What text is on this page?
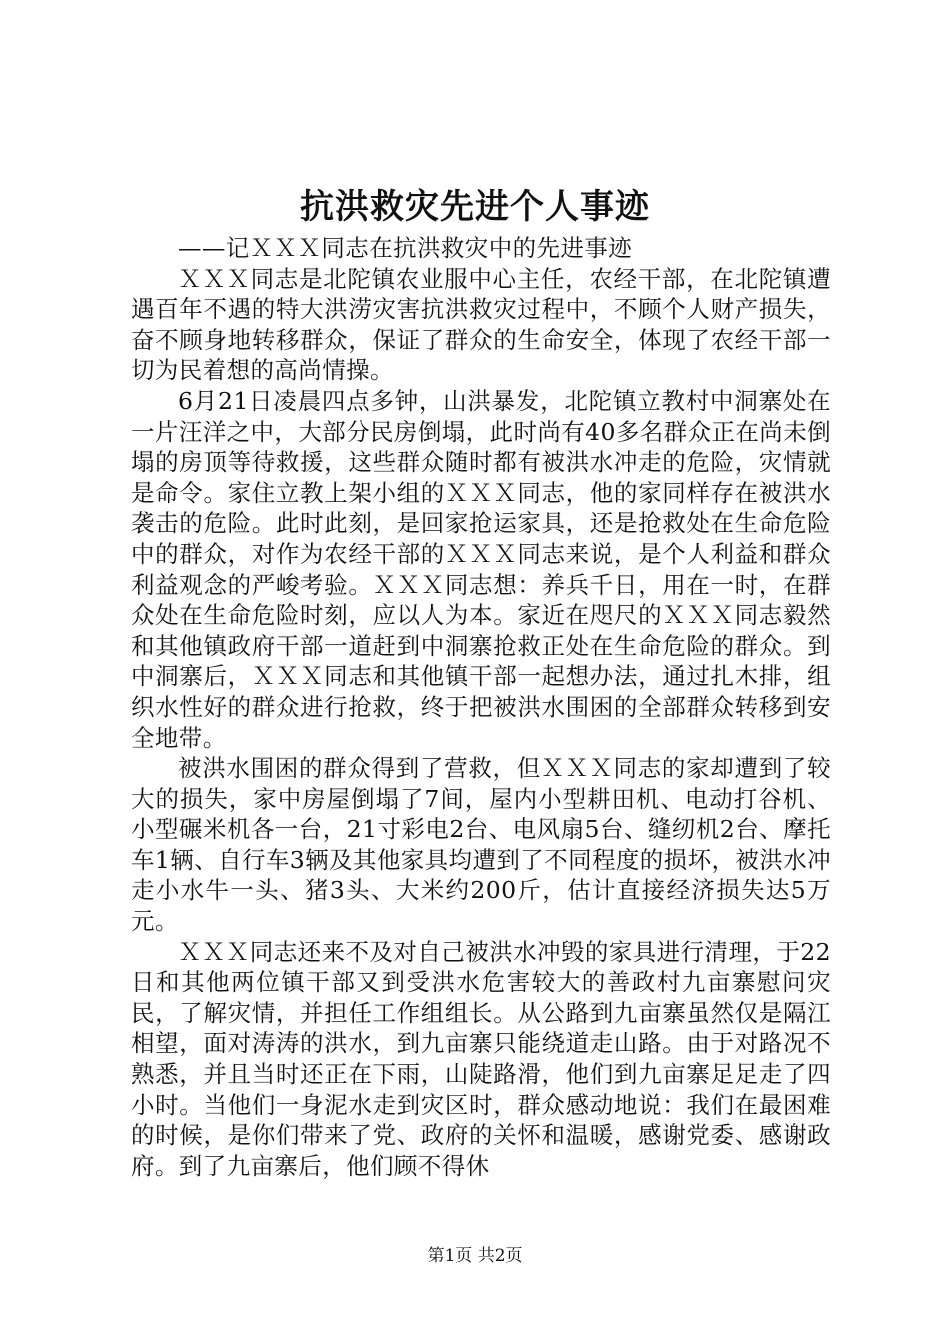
抗洪救灾先进个人事迹

——记ＸＸＸ同志在抗洪救灾中的先进事迹

ＸＸＸ同志是北陀镇农业服中心主任，农经干部，在北陀镇遭遇百年不遇的特大洪涝灾害抗洪救灾过程中，不顾个人财产损失，奋不顾身地转移群众，保证了群众的生命安全，体现了农经干部一切为民着想的高尚情操。

6月21日凌晨四点多钟，山洪暴发，北陀镇立教村中洞寨处在一片汪洋之中，大部分民房倒塌，此时尚有40多名群众正在尚未倒塌的房顶等待救援，这些群众随时都有被洪水冲走的危险，灾情就是命令。家住立教上架小组的ＸＸＸ同志，他的家同样存在被洪水袭击的危险。此时此刻，是回家抢运家具，还是抢救处在生命危险中的群众，对作为农经干部的ＸＸＸ同志来说，是个人利益和群众利益观念的严峻考验。ＸＸＸ同志想：养兵千日，用在一时，在群众处在生命危险时刻，应以人为本。家近在咫尺的ＸＸＸ同志毅然和其他镇政府干部一道赶到中洞寨抢救正处在生命危险的群众。到中洞寨后，ＸＸＸ同志和其他镇干部一起想办法，通过扎木排，组织水性好的群众进行抢救，终于把被洪水围困的全部群众转移到安全地带。

被洪水围困的群众得到了营救，但ＸＸＸ同志的家却遭到了较大的损失，家中房屋倒塌了7间，屋内小型耕田机、电动打谷机、小型碾米机各一台，21寸彩电2台、电风扇5台、缝纫机2台、摩托车1辆、自行车3辆及其他家具均遭到了不同程度的损坏，被洪水冲走小水牛一头、猪3头、大米约200斤，估计直接经济损失达5万元。

ＸＸＸ同志还来不及对自己被洪水冲毁的家具进行清理，于22日和其他两位镇干部又到受洪水危害较大的善政村九亩寨慰问灾民，了解灾情，并担任工作组组长。从公路到九亩寨虽然仅是隔江相望，面对涛涛的洪水，到九亩寨只能绕道走山路。由于对路况不熟悉，并且当时还正在下雨，山陡路滑，他们到九亩寨足足走了四小时。当他们一身泥水走到灾区时，群众感动地说：我们在最困难的时候，是你们带来了党、政府的关怀和温暖，感谢党委、感谢政府。到了九亩寨后，他们顾不得休

第1页 共2页
